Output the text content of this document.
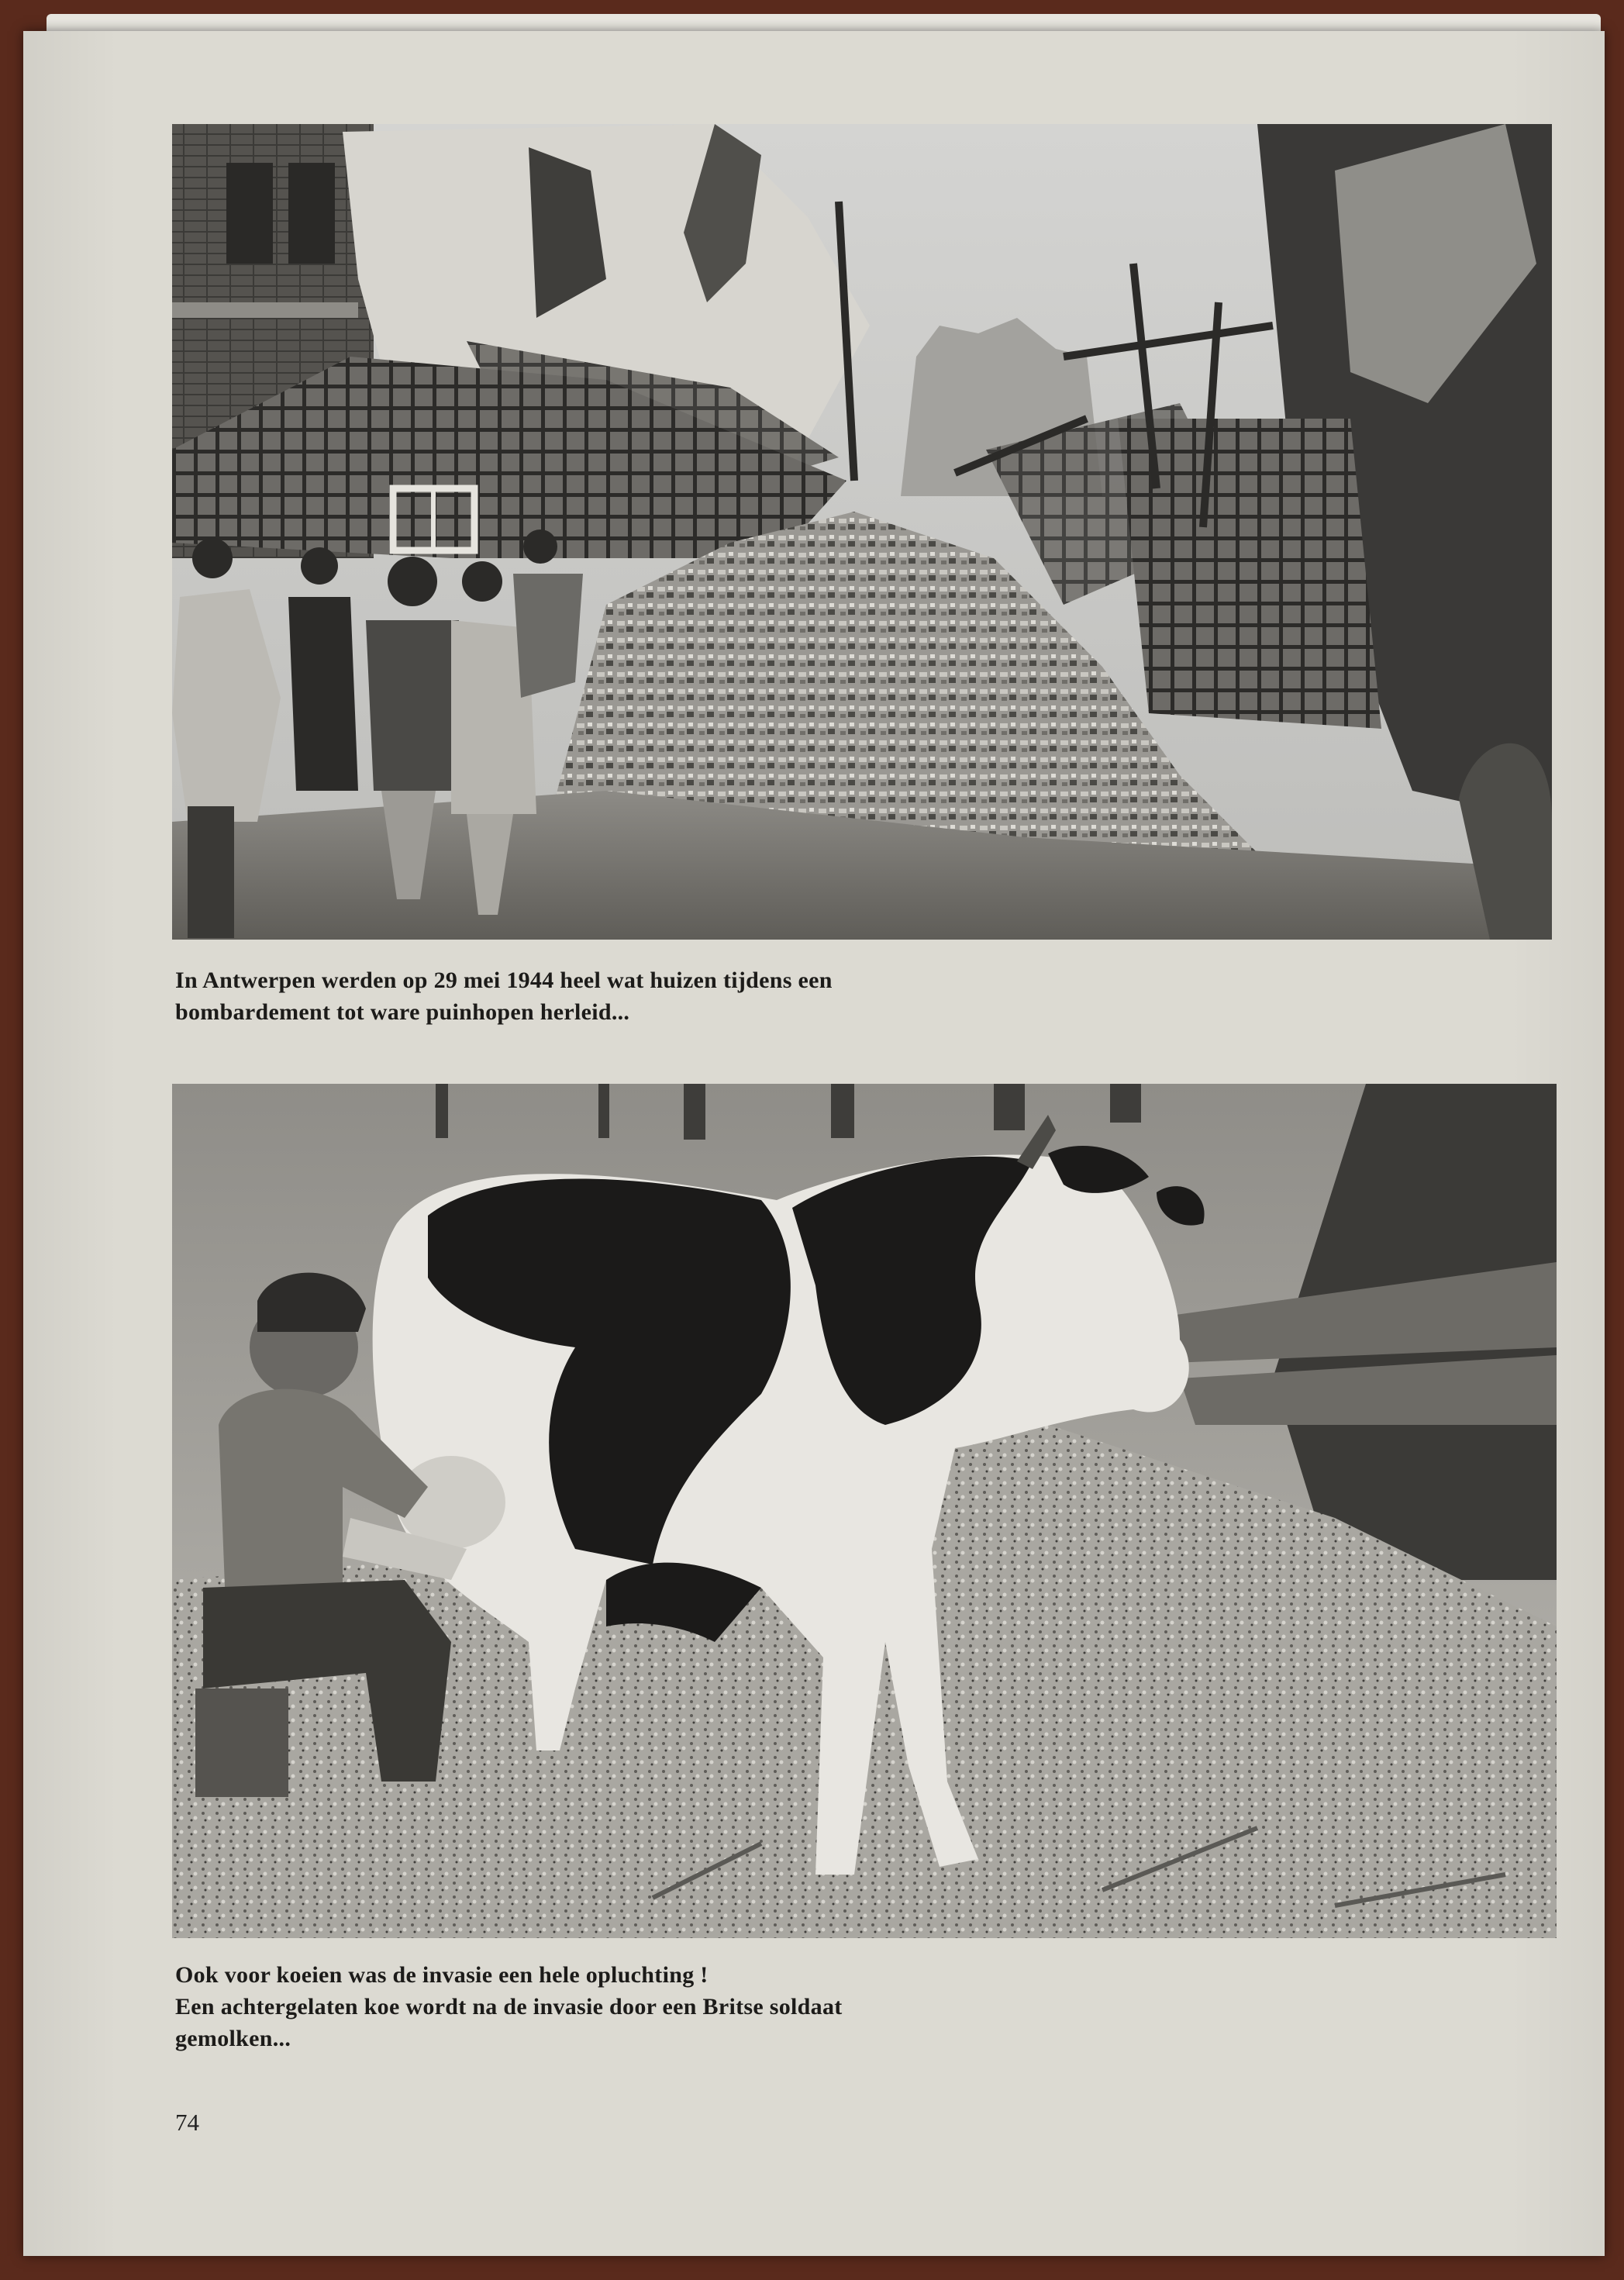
In Antwerpen werden op 29 mei 1944 heel wat huizen tijdens een
bombardement tot ware puinhopen herleid...
Ook voor koeien was de invasie een hele opluchting !
Een achtergelaten koe wordt na de invasie door een Britse soldaat
gemolken...
74
